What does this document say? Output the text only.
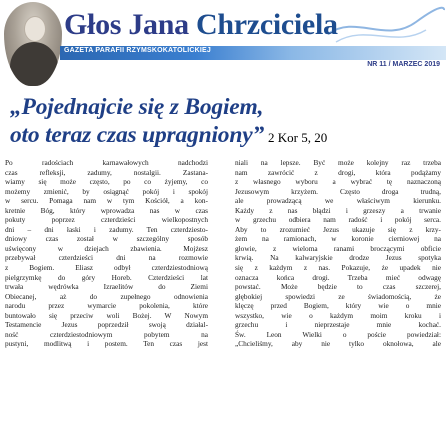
Głos Jana Chrzciciela
GAZETA PARAFII RZYMSKOKATOLICKIEJ
NR 11 / MARZEC 2019
„Pojednajcie się z Bogiem,
oto teraz czas upragniony” 2 Kor 5, 20
Po radościach karnawałowych nadchodzi
czas refleksji, zadumy, nostalgii. Zastana-
wiamy się może często, po co żyjemy, co
możemy zmienić, by osiągnąć pokój i spokój
w sercu. Pomaga nam w tym Kościół, a kon-
kretnie Bóg, który wprowadza nas w czas
pokuty poprzez czterdzieści wielkopostnych
dni – dni łaski i zadumy. Ten czterdziesto-
dniowy czas został w szczególny sposób
uświęcony w dziejach zbawienia. Mojżesz
przebywał czterdzieści dni na rozmowie
z Bogiem. Eliasz odbył czterdziestodniową
pielgrzymkę do góry Horeb. Czterdzieści lat
trwała wędrówka Izraelitów do Ziemi
Obiecanej, aż do zupełnego odnowienia
narodu przez wymarcie pokolenia, które
buntowało się przeciw woli Bożej. W Nowym
Testamencie Jezus poprzedził swoją działal-
ność czterdziestodniowym pobytem na
pustyni, modlitwą i postem. Ten czas jest
niali na lepsze. Być może kolejny raz trzeba
nam zawrócić z drogi, która podążamy
z własnego wyboru a wybrać tę naznaczoną
Jezusowym krzyżem. Często droga trudną,
ale prowadzącą we właściwym kierunku.
Każdy z nas błądzi i grzeszy a trwanie
w grzechu odbiera nam radość i pokój serca.
Aby to zrozumieć Jezus ukazuje się z krzy-
żem na ramionach, w koronie cierniowej na
głowie, z wieloma ranami broczącymi obficie
krwią. Na kalwaryjskie drodze Jezus spotyka
się z każdym z nas. Pokazuje, że upadek nie
oznacza końca drogi. Trzeba mieć odwagę
powstać. Może będzie to czas szczerej,
głębokiej spowiedzi ze świadomością, że
klęczę przed Bogiem, który wie o mnie
wszystko, wie o każdym moim kroku i
grzechu i nieprzestaje mnie kochać.
Św. Leon Wielki o poście powiedział:
„Chcieliśmy, aby nie tylko oknołowa, ale
